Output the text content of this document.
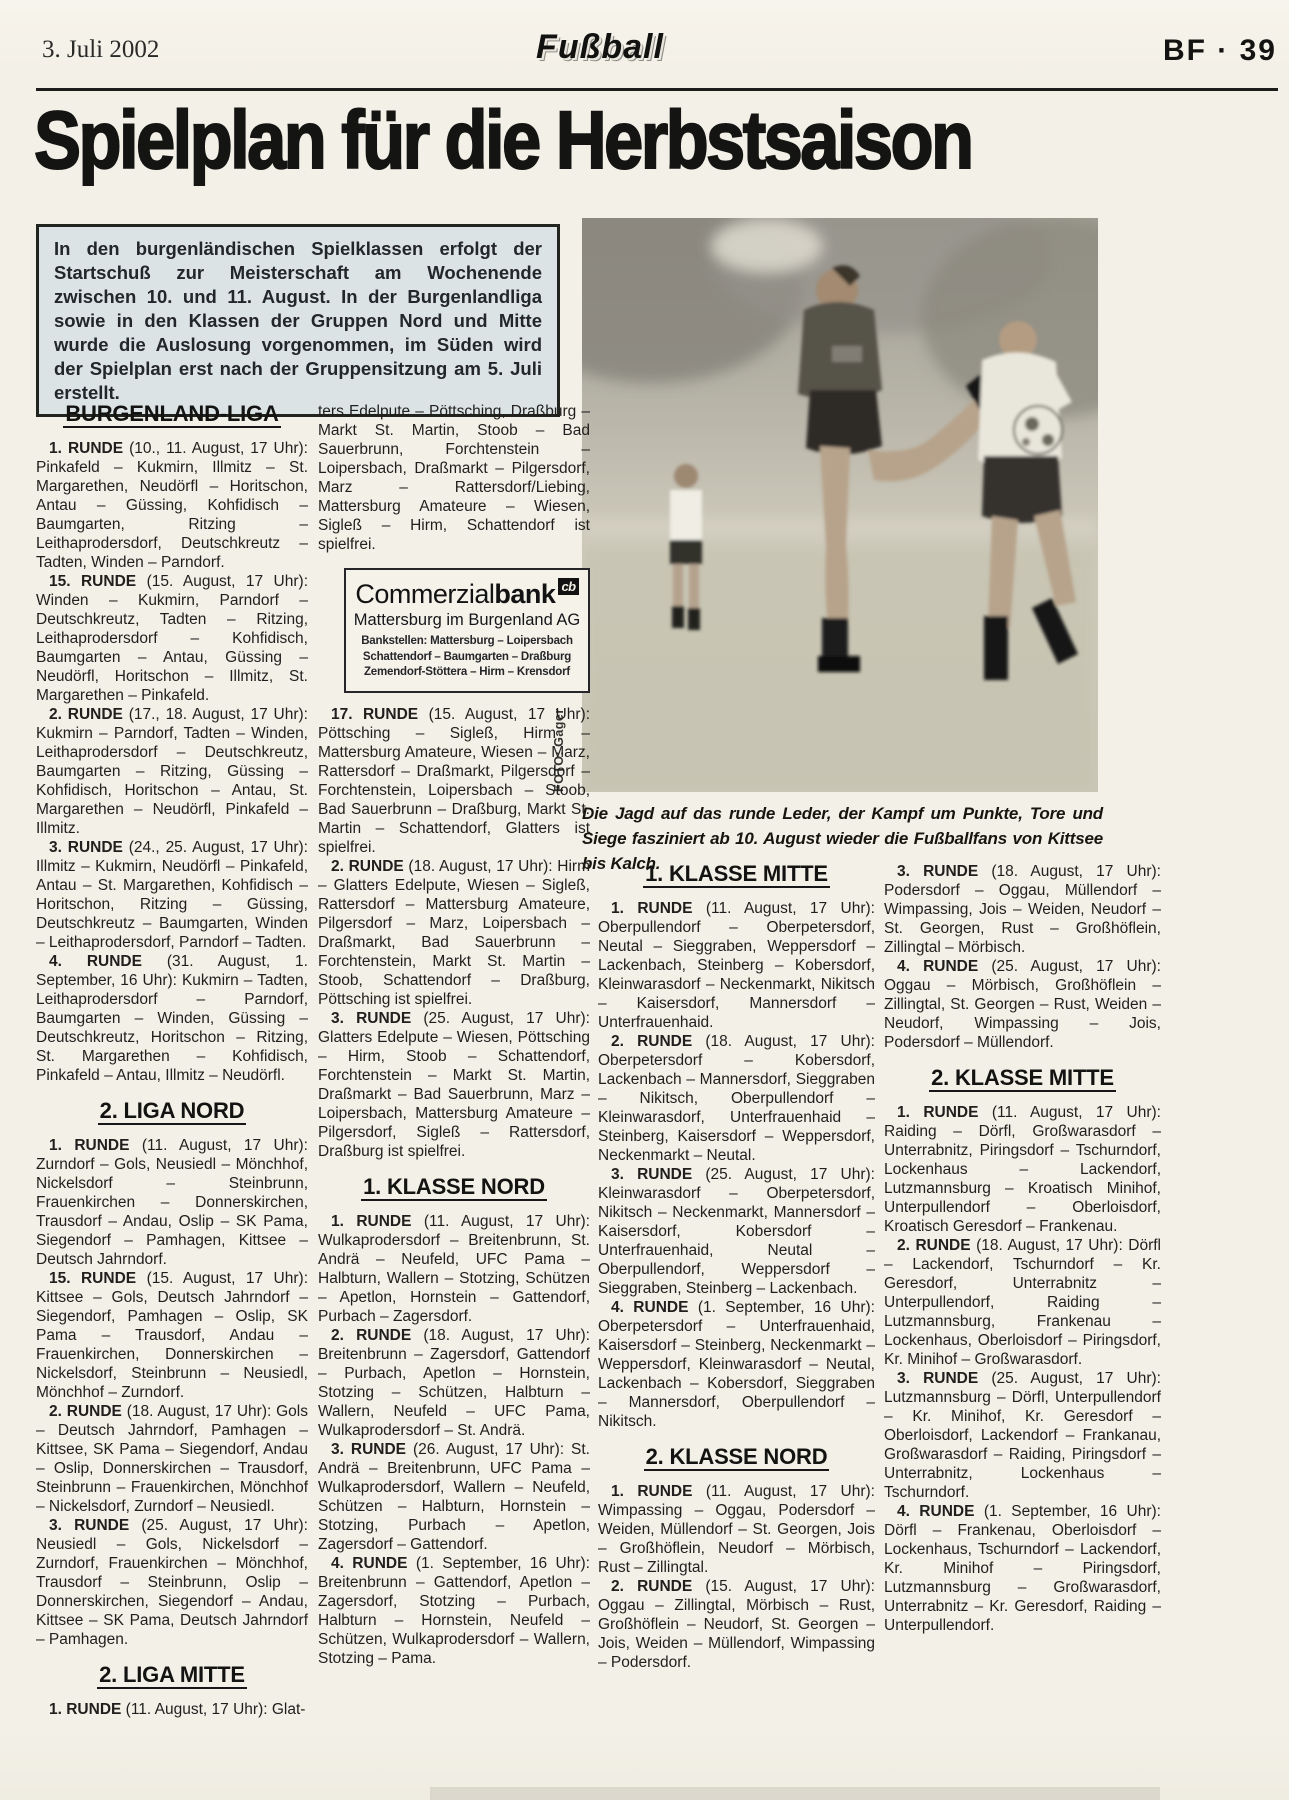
3. Juli 2002	Fußball	BF · 39
Spielplan für die Herbstsaison
In den burgenländischen Spielklassen erfolgt der Startschuß zur Meisterschaft am Wochenende zwischen 10. und 11. August. In der Burgenlandliga sowie in den Klassen der Gruppen Nord und Mitte wurde die Auslosung vorgenommen, im Süden wird der Spielplan erst nach der Gruppensitzung am 5. Juli erstellt.
FOTO: Gager
Die Jagd auf das runde Leder, der Kampf um Punkte, Tore und Siege fasziniert ab 10. August wieder die Fußballfans von Kittsee bis Kalch.
BURGENLAND-LIGA

1. RUNDE (10., 11. August, 17 Uhr): Pinkafeld – Kukmirn, Illmitz – St. Margarethen, Neudörfl – Horitschon, Antau – Güssing, Kohfidisch – Baumgarten, Ritzing – Leithaprodersdorf, Deutschkreutz – Tadten, Winden – Parndorf.

15. RUNDE (15. August, 17 Uhr): Winden – Kukmirn, Parndorf – Deutschkreutz, Tadten – Ritzing, Leithaprodersdorf – Kohfidisch, Baumgarten – Antau, Güssing – Neudörfl, Horitschon – Illmitz, St. Margarethen – Pinkafeld.

2. RUNDE (17., 18. August, 17 Uhr): Kukmirn – Parndorf, Tadten – Winden, Leithaprodersdorf – Deutschkreutz, Baumgarten – Ritzing, Güssing – Kohfidisch, Horitschon – Antau, St. Margarethen – Neudörfl, Pinkafeld – Illmitz.

3. RUNDE (24., 25. August, 17 Uhr): Illmitz – Kukmirn, Neudörfl – Pinkafeld, Antau – St. Margarethen, Kohfidisch – Horitschon, Ritzing – Güssing, Deutschkreutz – Baumgarten, Winden – Leithaprodersdorf, Parndorf – Tadten.

4. RUNDE (31. August, 1. September, 16 Uhr): Kukmirn – Tadten, Leithaprodersdorf – Parndorf, Baumgarten – Winden, Güssing – Deutschkreutz, Horitschon – Ritzing, St. Margarethen – Kohfidisch, Pinkafeld – Antau, Illmitz – Neudörfl.

2. LIGA NORD

1. RUNDE (11. August, 17 Uhr): Zurndorf – Gols, Neusiedl – Mönchhof, Nickelsdorf – Steinbrunn, Frauenkirchen – Donnerskirchen, Trausdorf – Andau, Oslip – SK Pama, Siegendorf – Pamhagen, Kittsee – Deutsch Jahrndorf.

15. RUNDE (15. August, 17 Uhr): Kittsee – Gols, Deutsch Jahrndorf – Siegendorf, Pamhagen – Oslip, SK Pama – Trausdorf, Andau – Frauenkirchen, Donnerskirchen – Nickelsdorf, Steinbrunn – Neusiedl, Mönchhof – Zurndorf.

2. RUNDE (18. August, 17 Uhr): Gols – Deutsch Jahrndorf, Pamhagen – Kittsee, SK Pama – Siegendorf, Andau – Oslip, Donnerskirchen – Trausdorf, Steinbrunn – Frauenkirchen, Mönchhof – Nickelsdorf, Zurndorf – Neusiedl.

3. RUNDE (25. August, 17 Uhr): Neusiedl – Gols, Nickelsdorf – Zurndorf, Frauenkirchen – Mönchhof, Trausdorf – Steinbrunn, Oslip – Donnerskirchen, Siegendorf – Andau, Kittsee – SK Pama, Deutsch Jahrndorf – Pamhagen.

2. LIGA MITTE

1. RUNDE (11. August, 17 Uhr): Glat-

ters Edelpute – Pöttsching, Draßburg – Markt St. Martin, Stoob – Bad Sauerbrunn, Forchtenstein – Loipersbach, Draßmarkt – Pilgersdorf, Marz – Rattersdorf/Liebing, Mattersburg Amateure – Wiesen, Sigleß – Hirm, Schattendorf ist spielfrei.

Commerzialbank cb
Mattersburg im Burgenland AG
Bankstellen: Mattersburg – Loipersbach
Schattendorf – Baumgarten – Draßburg
Zemendorf-Stöttera – Hirm – Krensdorf

17. RUNDE (15. August, 17 Uhr): Pöttsching – Sigleß, Hirm – Mattersburg Amateure, Wiesen – Marz, Rattersdorf – Draßmarkt, Pilgersdorf – Forchtenstein, Loipersbach – Stoob, Bad Sauerbrunn – Draßburg, Markt St. Martin – Schattendorf, Glatters ist spielfrei.

2. RUNDE (18. August, 17 Uhr): Hirm – Glatters Edelpute, Wiesen – Sigleß, Rattersdorf – Mattersburg Amateure, Pilgersdorf – Marz, Loipersbach – Draßmarkt, Bad Sauerbrunn – Forchtenstein, Markt St. Martin – Stoob, Schattendorf – Draßburg, Pöttsching ist spielfrei.

3. RUNDE (25. August, 17 Uhr): Glatters Edelpute – Wiesen, Pöttsching – Hirm, Stoob – Schattendorf, Forchtenstein – Markt St. Martin, Draßmarkt – Bad Sauerbrunn, Marz – Loipersbach, Mattersburg Amateure – Pilgersdorf, Sigleß – Rattersdorf, Draßburg ist spielfrei.

1. KLASSE NORD

1. RUNDE (11. August, 17 Uhr): Wulkaprodersdorf – Breitenbrunn, St. Andrä – Neufeld, UFC Pama – Halbturn, Wallern – Stotzing, Schützen – Apetlon, Hornstein – Gattendorf, Purbach – Zagersdorf.

2. RUNDE (18. August, 17 Uhr): Breitenbrunn – Zagersdorf, Gattendorf – Purbach, Apetlon – Hornstein, Stotzing – Schützen, Halbturn – Wallern, Neufeld – UFC Pama, Wulkaprodersdorf – St. Andrä.

3. RUNDE (26. August, 17 Uhr): St. Andrä – Breitenbrunn, UFC Pama – Wulkaprodersdorf, Wallern – Neufeld, Schützen – Halbturn, Hornstein – Stotzing, Purbach – Apetlon, Zagersdorf – Gattendorf.

4. RUNDE (1. September, 16 Uhr): Breitenbrunn – Gattendorf, Apetlon – Zagersdorf, Stotzing – Purbach, Halbturn – Hornstein, Neufeld – Schützen, Wulkaprodersdorf – Wallern, Stotzing – Pama.

1. KLASSE MITTE

1. RUNDE (11. August, 17 Uhr): Oberpullendorf – Oberpetersdorf, Neutal – Sieggraben, Weppersdorf – Lackenbach, Steinberg – Kobersdorf, Kleinwarasdorf – Neckenmarkt, Nikitsch – Kaisersdorf, Mannersdorf – Unterfrauenhaid.

2. RUNDE (18. August, 17 Uhr): Oberpetersdorf – Kobersdorf, Lackenbach – Mannersdorf, Sieggraben – Nikitsch, Oberpullendorf – Kleinwarasdorf, Unterfrauenhaid – Steinberg, Kaisersdorf – Weppersdorf, Neckenmarkt – Neutal.

3. RUNDE (25. August, 17 Uhr): Kleinwarasdorf – Oberpetersdorf, Nikitsch – Neckenmarkt, Mannersdorf – Kaisersdorf, Kobersdorf – Unterfrauenhaid, Neutal – Oberpullendorf, Weppersdorf – Sieggraben, Steinberg – Lackenbach.

4. RUNDE (1. September, 16 Uhr): Oberpetersdorf – Unterfrauenhaid, Kaisersdorf – Steinberg, Neckenmarkt – Weppersdorf, Kleinwarasdorf – Neutal, Lackenbach – Kobersdorf, Sieggraben – Mannersdorf, Oberpullendorf – Nikitsch.

2. KLASSE NORD

1. RUNDE (11. August, 17 Uhr): Wimpassing – Oggau, Podersdorf – Weiden, Müllendorf – St. Georgen, Jois – Großhöflein, Neudorf – Mörbisch, Rust – Zillingtal.

2. RUNDE (15. August, 17 Uhr): Oggau – Zillingtal, Mörbisch – Rust, Großhöflein – Neudorf, St. Georgen – Jois, Weiden – Müllendorf, Wimpassing – Podersdorf.

3. RUNDE (18. August, 17 Uhr): Podersdorf – Oggau, Müllendorf – Wimpassing, Jois – Weiden, Neudorf – St. Georgen, Rust – Großhöflein, Zillingtal – Mörbisch.

4. RUNDE (25. August, 17 Uhr): Oggau – Mörbisch, Großhöflein – Zillingtal, St. Georgen – Rust, Weiden – Neudorf, Wimpassing – Jois, Podersdorf – Müllendorf.

2. KLASSE MITTE

1. RUNDE (11. August, 17 Uhr): Raiding – Dörfl, Großwarasdorf – Unterrabnitz, Piringsdorf – Tschurndorf, Lockenhaus – Lackendorf, Lutzmannsburg – Kroatisch Minihof, Unterpullendorf – Oberloisdorf, Kroatisch Geresdorf – Frankenau.

2. RUNDE (18. August, 17 Uhr): Dörfl – Lackendorf, Tschurndorf – Kr. Geresdorf, Unterrabnitz – Unterpullendorf, Raiding – Lutzmannsburg, Frankenau – Lockenhaus, Oberloisdorf – Piringsdorf, Kr. Minihof – Großwarasdorf.

3. RUNDE (25. August, 17 Uhr): Lutzmannsburg – Dörfl, Unterpullendorf – Kr. Minihof, Kr. Geresdorf – Oberloisdorf, Lackendorf – Frankanau, Großwarasdorf – Raiding, Piringsdorf – Unterrabnitz, Lockenhaus – Tschurndorf.

4. RUNDE (1. September, 16 Uhr): Dörfl – Frankenau, Oberloisdorf – Lockenhaus, Tschurndorf – Lackendorf, Kr. Minihof – Piringsdorf, Lutzmannsburg – Großwarasdorf, Unterrabnitz – Kr. Geresdorf, Raiding – Unterpullendorf.
